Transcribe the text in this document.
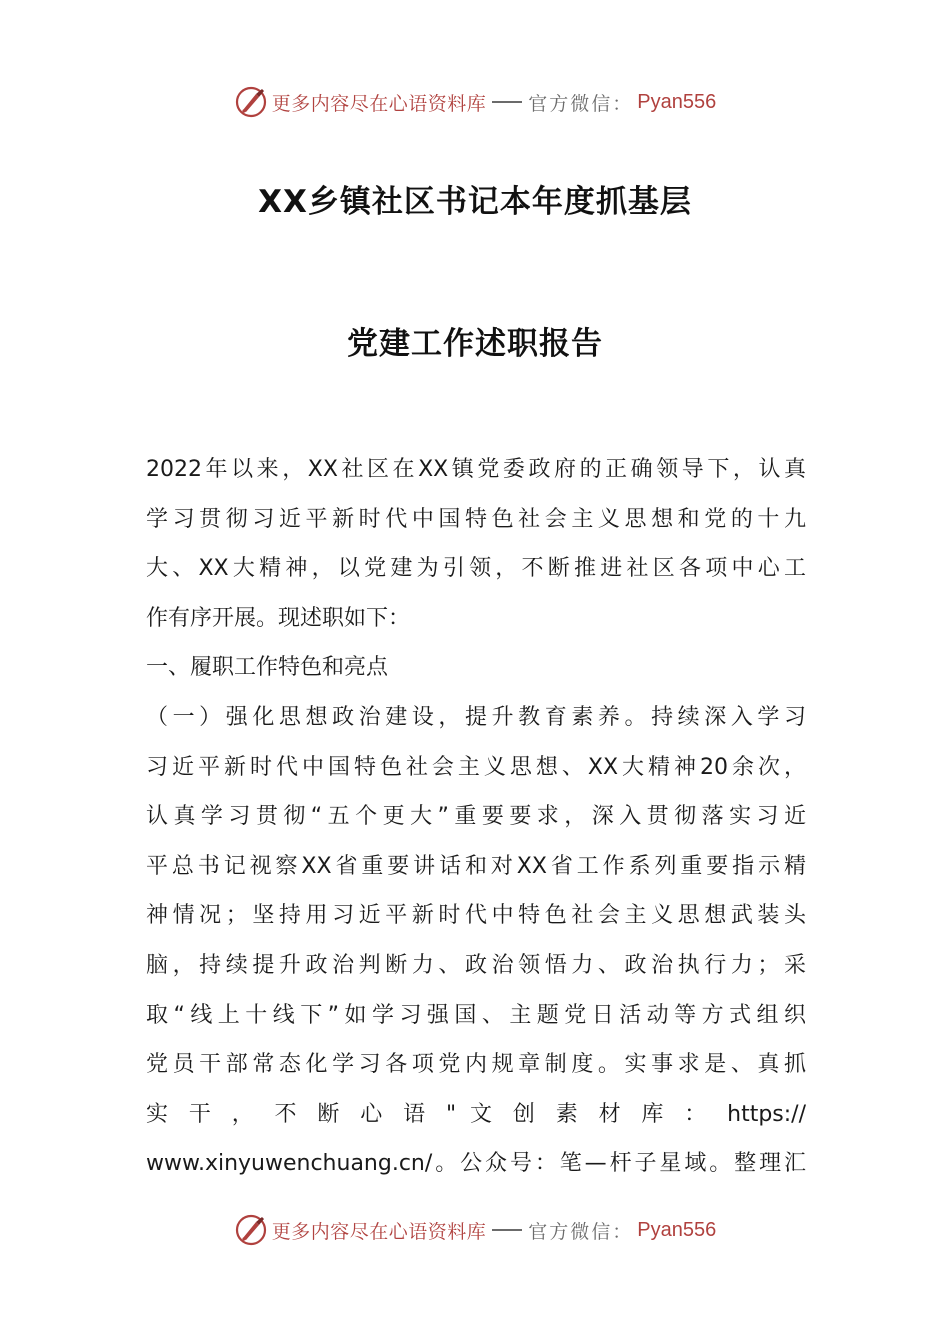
更多内容尽在心语资料库 官方微信： Pyan556
XX乡镇社区书记本年度抓基层
党建工作述职报告
2022年以来，XX社区在XX镇党委政府的正确领导下，认真
学习贯彻习近平新时代中国特色社会主义思想和党的十九
大、XX大精神，以党建为引领，不断推进社区各项中心工
作有序开展。现述职如下：
一、履职工作特色和亮点
（一）强化思想政治建设，提升教育素养。持续深入学习
习近平新时代中国特色社会主义思想、XX大精神20余次，
认真学习贯彻“五个更大”重要要求，深入贯彻落实习近
平总书记视察XX省重要讲话和对XX省工作系列重要指示精
神情况；坚持用习近平新时代中特色社会主义思想武装头
脑，持续提升政治判断力、政治领悟力、政治执行力；采
取“线上十线下”如学习强国、主题党日活动等方式组织
党员干部常态化学习各项党内规章制度。实事求是、真抓
实 干 ， 不 断 心 语 " 文 创 素 材 库 ： https://
www.xinyuwenchuang.cn/。公众号：笔—杆子星域。整理汇
更多内容尽在心语资料库 官方微信： Pyan556
